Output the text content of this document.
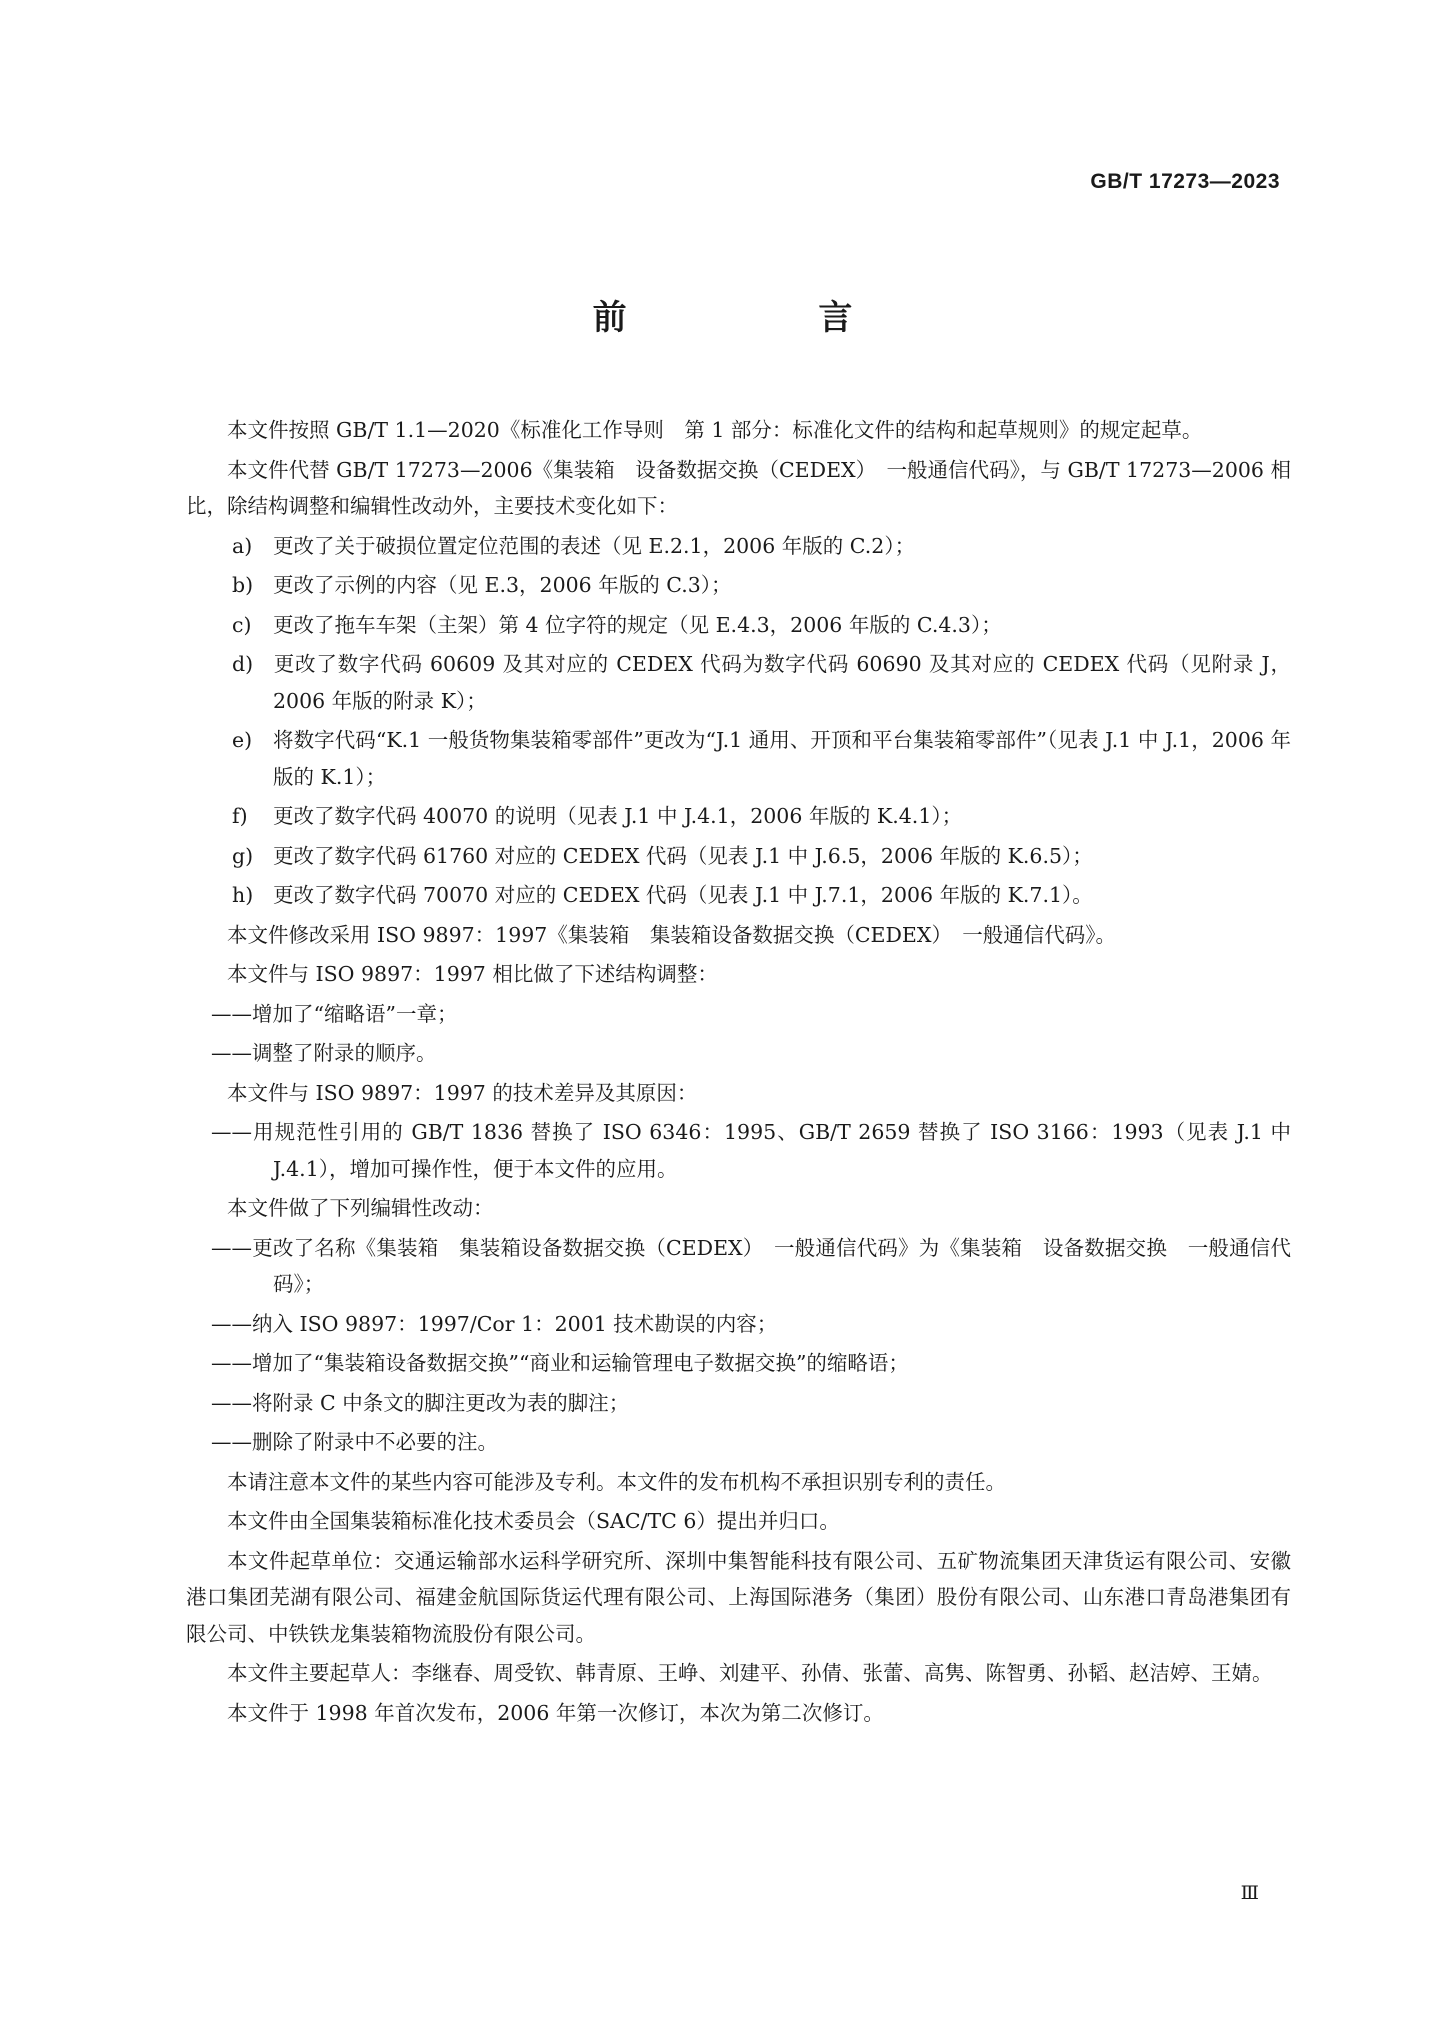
GB/T 17273—2023
前 言

本文件按照 GB/T 1.1—2020《标准化工作导则　第 1 部分：标准化文件的结构和起草规则》的规定起草。

本文件代替 GB/T 17273—2006《集装箱　设备数据交换（CEDEX）　一般通信代码》，与 GB/T 17273—2006 相比，除结构调整和编辑性改动外，主要技术变化如下：

a) 更改了关于破损位置定位范围的表述（见 E.2.1，2006 年版的 C.2）；

b) 更改了示例的内容（见 E.3，2006 年版的 C.3）；

c) 更改了拖车车架（主架）第 4 位字符的规定（见 E.4.3，2006 年版的 C.4.3）；

d) 更改了数字代码 60609 及其对应的 CEDEX 代码为数字代码 60690 及其对应的 CEDEX 代码（见附录 J，2006 年版的附录 K）；

e) 将数字代码“K.1 一般货物集装箱零部件”更改为“J.1 通用、开顶和平台集装箱零部件”（见表 J.1 中 J.1，2006 年版的 K.1）；

f) 更改了数字代码 40070 的说明（见表 J.1 中 J.4.1，2006 年版的 K.4.1）；

g) 更改了数字代码 61760 对应的 CEDEX 代码（见表 J.1 中 J.6.5，2006 年版的 K.6.5）；

h) 更改了数字代码 70070 对应的 CEDEX 代码（见表 J.1 中 J.7.1，2006 年版的 K.7.1）。

本文件修改采用 ISO 9897：1997《集装箱　集装箱设备数据交换（CEDEX）　一般通信代码》。

本文件与 ISO 9897：1997 相比做了下述结构调整：

——增加了“缩略语”一章；

——调整了附录的顺序。

本文件与 ISO 9897：1997 的技术差异及其原因：

——用规范性引用的 GB/T 1836 替换了 ISO 6346：1995、GB/T 2659 替换了 ISO 3166：1993（见表 J.1 中 J.4.1），增加可操作性，便于本文件的应用。

本文件做了下列编辑性改动：

——更改了名称《集装箱　集装箱设备数据交换（CEDEX）　一般通信代码》为《集装箱　设备数据交换　一般通信代码》；

——纳入 ISO 9897：1997/Cor 1：2001 技术勘误的内容；

——增加了“集装箱设备数据交换”“商业和运输管理电子数据交换”的缩略语；

——将附录 C 中条文的脚注更改为表的脚注；

——删除了附录中不必要的注。

本请注意本文件的某些内容可能涉及专利。本文件的发布机构不承担识别专利的责任。

本文件由全国集装箱标准化技术委员会（SAC/TC 6）提出并归口。

本文件起草单位：交通运输部水运科学研究所、深圳中集智能科技有限公司、五矿物流集团天津货运有限公司、安徽港口集团芜湖有限公司、福建金航国际货运代理有限公司、上海国际港务（集团）股份有限公司、山东港口青岛港集团有限公司、中铁铁龙集装箱物流股份有限公司。

本文件主要起草人：李继春、周受钦、韩青原、王峥、刘建平、孙倩、张蕾、高隽、陈智勇、孙韬、赵洁婷、王婧。

本文件于 1998 年首次发布，2006 年第一次修订，本次为第二次修订。

Ⅲ
